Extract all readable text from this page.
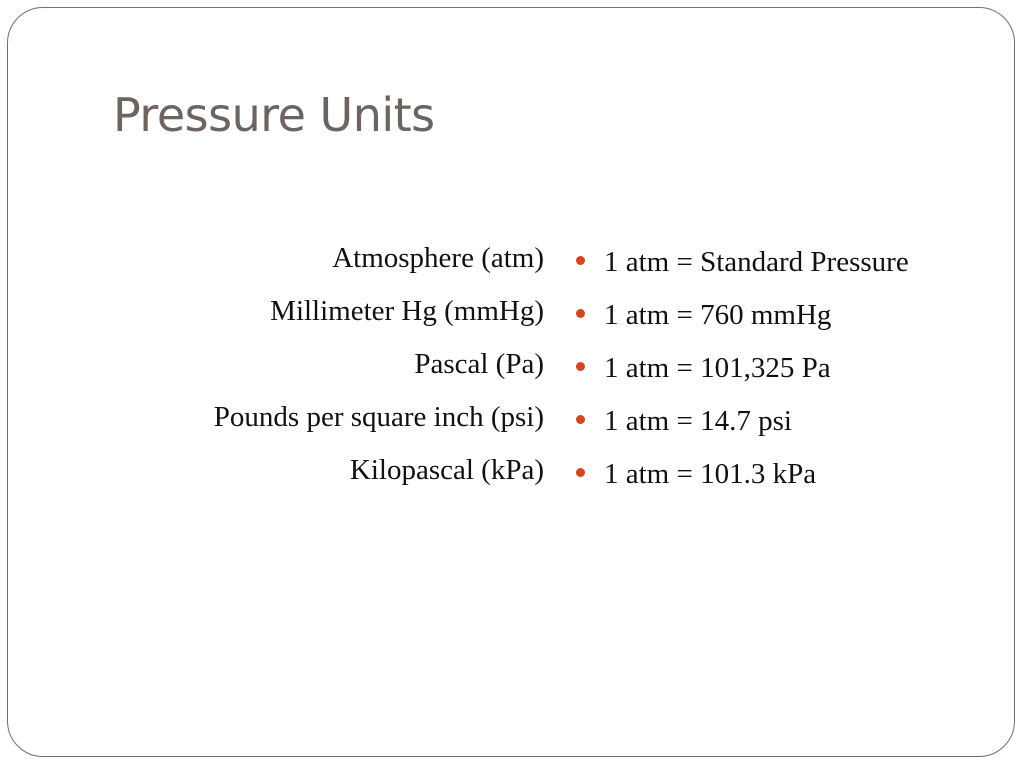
Pressure Units
Atmosphere (atm)
Millimeter Hg (mmHg)
Pascal (Pa)
Pounds per square inch (psi)
Kilopascal (kPa)
1 atm = Standard Pressure
1 atm = 760 mmHg
1 atm = 101,325 Pa
1 atm = 14.7 psi
1 atm = 101.3 kPa
